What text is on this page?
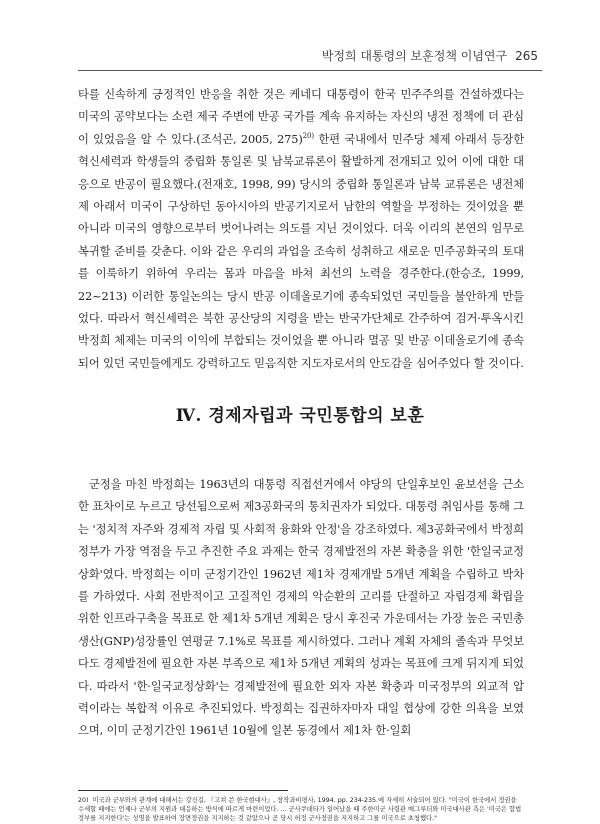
박정희 대통령의 보훈정책 이념연구 265

타를 신속하게 긍정적인 반응을 취한 것은 케네디 대통령이 한국 민주주의를 건설하겠다는 미국의 공약보다는 소련 제국 주변에 반공 국가를 계속 유지하는 자신의 냉전 정책에 더 관심이 있었음을 알 수 있다.(조석곤, 2005, 275)$^{20)}$ 한편 국내에서 민주당 체제 아래서 등장한 혁신세력과 학생들의 중립화 통일론 및 남북교류론이 활발하게 전개되고 있어 이에 대한 대응으로 반공이 필요했다.(전재호, 1998, 99) 당시의 중립화 통일론과 남북 교류론은 냉전체제 아래서 미국이 구상하던 동아시아의 반공기지로서 남한의 역할을 부정하는 것이었을 뿐 아니라 미국의 영향으로부터 벗어나려는 의도를 지닌 것이었다. 더욱 이리의 본연의 임무로 복귀할 준비를 갖춘다. 이와 같은 우리의 과업을 조속히 성취하고 새로운 민주공화국의 토대를 이룩하기 위하여 우리는 몸과 마음을 바쳐 최선의 노력을 경주한다.(한승조, 1999, 22~213) 이러한 통일논의는 당시 반공 이데올로기에 종속되었던 국민들을 불안하게 만들었다. 따라서 혁신세력은 북한 공산당의 지령을 받는 반국가단체로 간주하여 검거·투옥시킨 박정희 체제는 미국의 이익에 부합되는 것이었을 뿐 아니라 멸공 및 반공 이데올로기에 종속되어 있던 국민들에게도 강력하고도 믿음직한 지도자로서의 안도감을 심어주었다 할 것이다.

Ⅳ. 경제자립과 국민통합의 보훈

군정을 마친 박정희는 1963년의 대통령 직접선거에서 야당의 단일후보인 윤보선을 근소한 표차이로 누르고 당선됨으로써 제3공화국의 통치권자가 되었다. 대통령 취임사를 통해 그는 '정치적 자주와 경제적 자립 및 사회적 융화와 안정'을 강조하였다. 제3공화국에서 박정희 정부가 가장 역점을 두고 추진한 주요 과제는 한국 경제발전의 자본 확충을 위한 '한일국교정상화'였다. 박정희는 이미 군정기간인 1962년 제1차 경제개발 5개년 계획을 수립하고 박차를 가하였다. 사회 전반적이고 고질적인 경제의 악순환의 고리를 단절하고 자립경제 확립을 위한 인프라구축을 목표로 한 제1차 5개년 계획은 당시 후진국 가운데서는 가장 높은 국민총생산(GNP)성장률인 연평균 7.1%로 목표를 제시하였다. 그러나 계획 자체의 졸속과 무엇보다도 경제발전에 필요한 자본 부족으로 제1차 5개년 계획의 성과는 목표에 크게 뒤지게 되었다. 따라서 '한·일국교정상화'는 경제발전에 필요한 외자 자본 확충과 미국정부의 외교적 압력이라는 복합적 이유로 추진되었다. 박정희는 집권하자마자 대일 협상에 강한 의욕을 보였으며, 이미 군정기간인 1961년 10월에 일본 동경에서 제1차 한·일회

20) 미국과 군부와의 관계에 대해서는 강신길, 『고쳐 쓴 한국현대사』, 창작과비평사, 1994. pp. 234-235.에 자세히 서술되어 있다. "미국이 한국에서 정권을 수세할 때에는 언제나 군부의 지원과 대응하는 방식에 따르게 마련이었다. ... 군사쿠데타가 일어났을 때 주한미군 사령관 매그루더와 미국대사관 측은 '미국은 합법정부를 지지한다'는 성명을 발표하여 장면정권을 지지하는 것 같았으나 곧 당시 허정 군사정권을 지지하고 그를 미국으로 초청했다."
